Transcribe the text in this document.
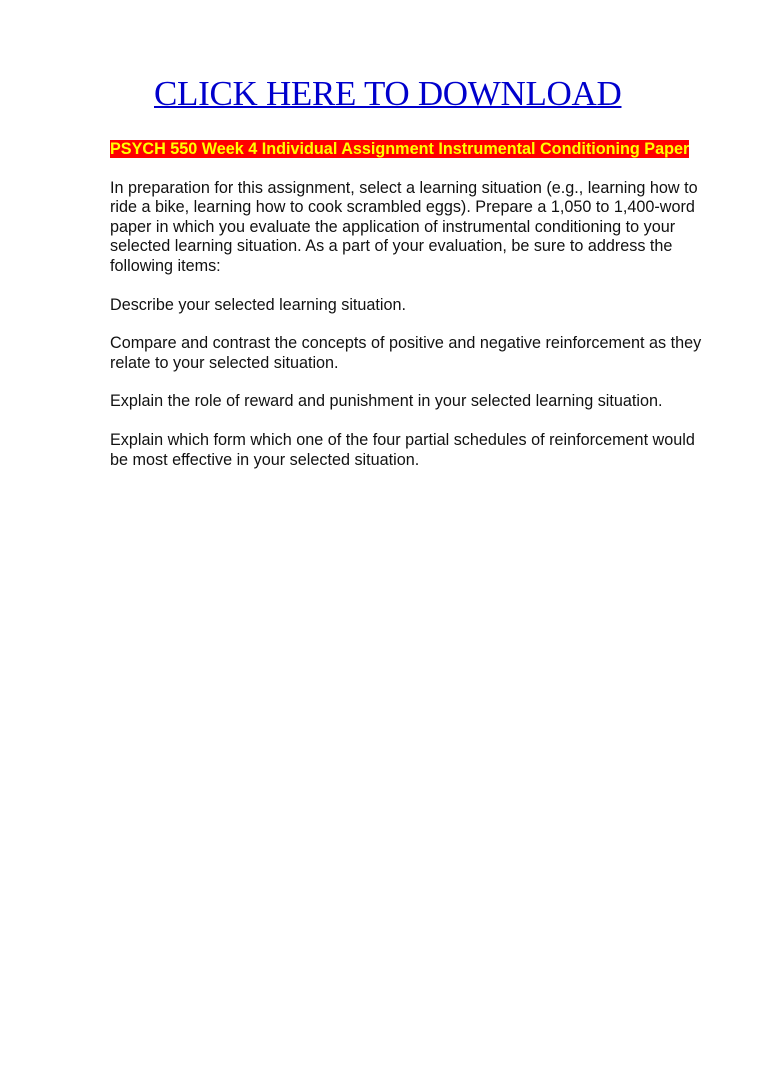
CLICK HERE TO DOWNLOAD
PSYCH 550 Week 4 Individual Assignment Instrumental Conditioning Paper

In preparation for this assignment, select a learning situation (e.g., learning how to ride a bike, learning how to cook scrambled eggs). Prepare a 1,050 to 1,400-word paper in which you evaluate the application of instrumental conditioning to your selected learning situation. As a part of your evaluation, be sure to address the following items:

Describe your selected learning situation.

Compare and contrast the concepts of positive and negative reinforcement as they relate to your selected situation.

Explain the role of reward and punishment in your selected learning situation.

Explain which form which one of the four partial schedules of reinforcement would be most effective in your selected situation.
